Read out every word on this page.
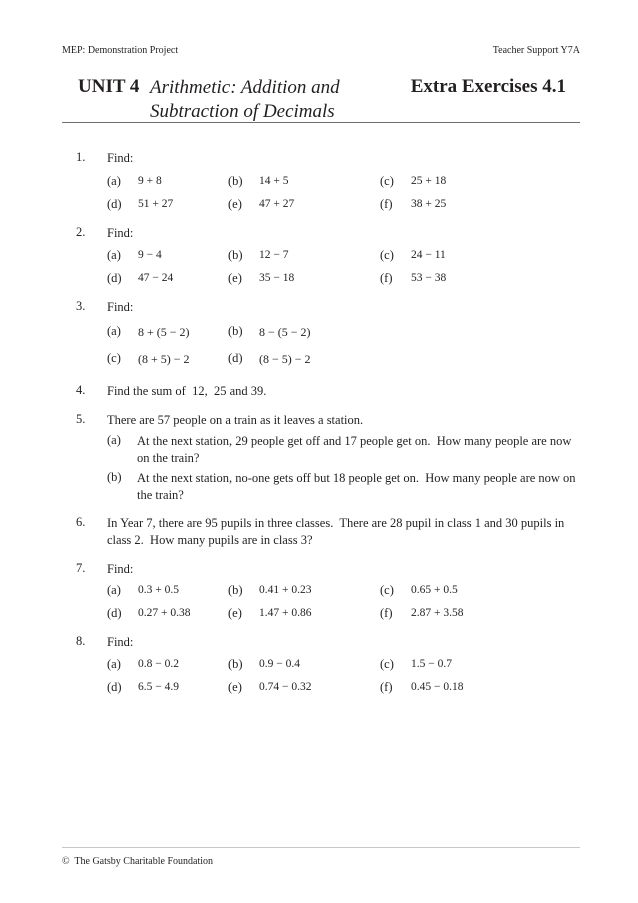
MEP: Demonstration Project	Teacher Support Y7A
UNIT 4 Arithmetic: Addition and
Subtraction of Decimals
Extra Exercises 4.1
1. Find:
(a) 9 + 8	(b) 14 + 5	(c) 25 + 18
(d) 51 + 27	(e) 47 + 27	(f) 38 + 25
2. Find:
(a) 9 − 4	(b) 12 − 7	(c) 24 − 11
(d) 47 − 24	(e) 35 − 18	(f) 53 − 38
3. Find:
(a) 8 + (5 − 2)	(b) 8 − (5 − 2)
(c) (8 + 5) − 2	(d) (8 − 5) − 2
4. Find the sum of  12,  25 and 39.
5. There are 57 people on a train as it leaves a station.
(a) At the next station, 29 people get off and 17 people get on.  How many people are now on the train?
(b) At the next station, no-one gets off but 18 people get on.  How many people are now on the train?
6. In Year 7, there are 95 pupils in three classes.  There are 28 pupil in class 1 and 30 pupils in class 2.  How many pupils are in class 3?
7. Find:
(a) 0.3 + 0.5	(b) 0.41 + 0.23	(c) 0.65 + 0.5
(d) 0.27 + 0.38	(e) 1.47 + 0.86	(f) 2.87 + 3.58
8. Find:
(a) 0.8 − 0.2	(b) 0.9 − 0.4	(c) 1.5 − 0.7
(d) 6.5 − 4.9	(e) 0.74 − 0.32	(f) 0.45 − 0.18
©  The Gatsby Charitable Foundation
